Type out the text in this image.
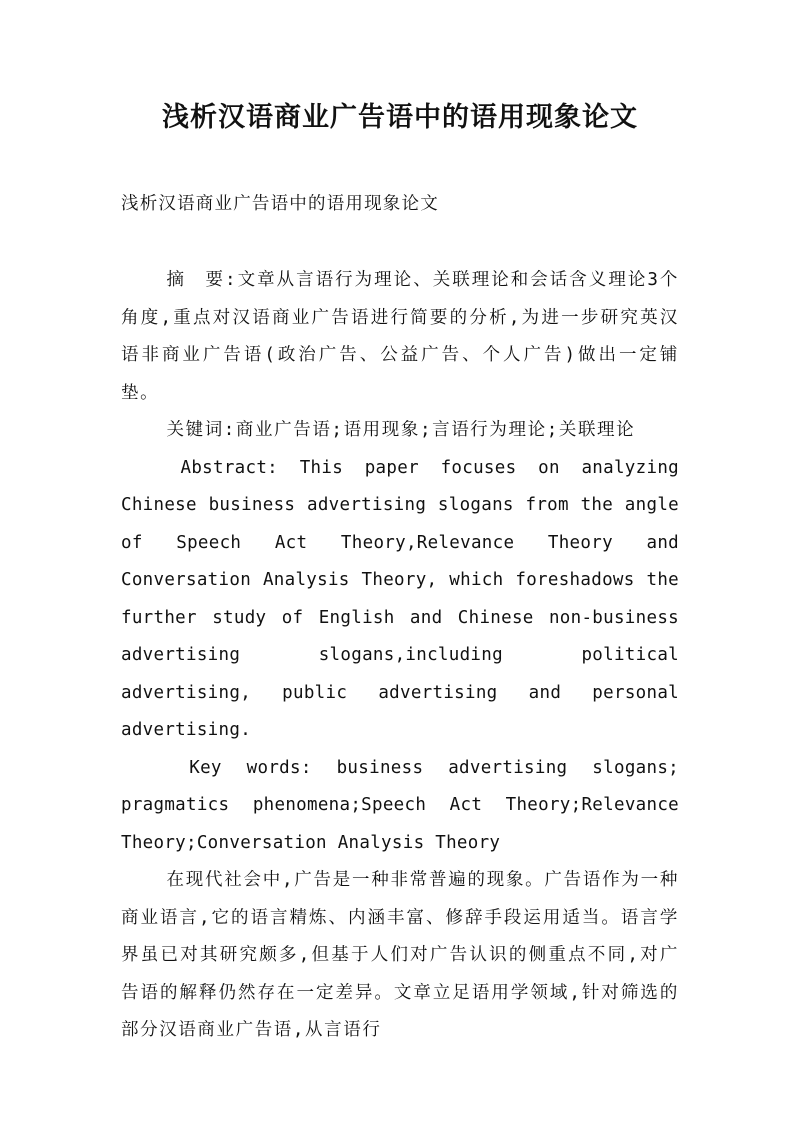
浅析汉语商业广告语中的语用现象论文

浅析汉语商业广告语中的语用现象论文

摘　要:文章从言语行为理论、关联理论和会话含义理论3个角度,重点对汉语商业广告语进行简要的分析,为进一步研究英汉语非商业广告语(政治广告、公益广告、个人广告)做出一定铺垫。

关键词:商业广告语;语用现象;言语行为理论;关联理论

Abstract: This paper focuses on analyzing Chinese business advertising slogans from the angle of Speech Act Theory,Relevance Theory and Conversation Analysis Theory, which foreshadows the further study of English and Chinese non-business advertising slogans,including political advertising, public advertising and personal advertising.

Key words: business advertising slogans; pragmatics phenomena;Speech Act Theory;Relevance Theory;Conversation Analysis Theory

在现代社会中,广告是一种非常普遍的现象。广告语作为一种商业语言,它的语言精炼、内涵丰富、修辞手段运用适当。语言学界虽已对其研究颇多,但基于人们对广告认识的侧重点不同,对广告语的解释仍然存在一定差异。文章立足语用学领域,针对筛选的部分汉语商业广告语,从言语行
